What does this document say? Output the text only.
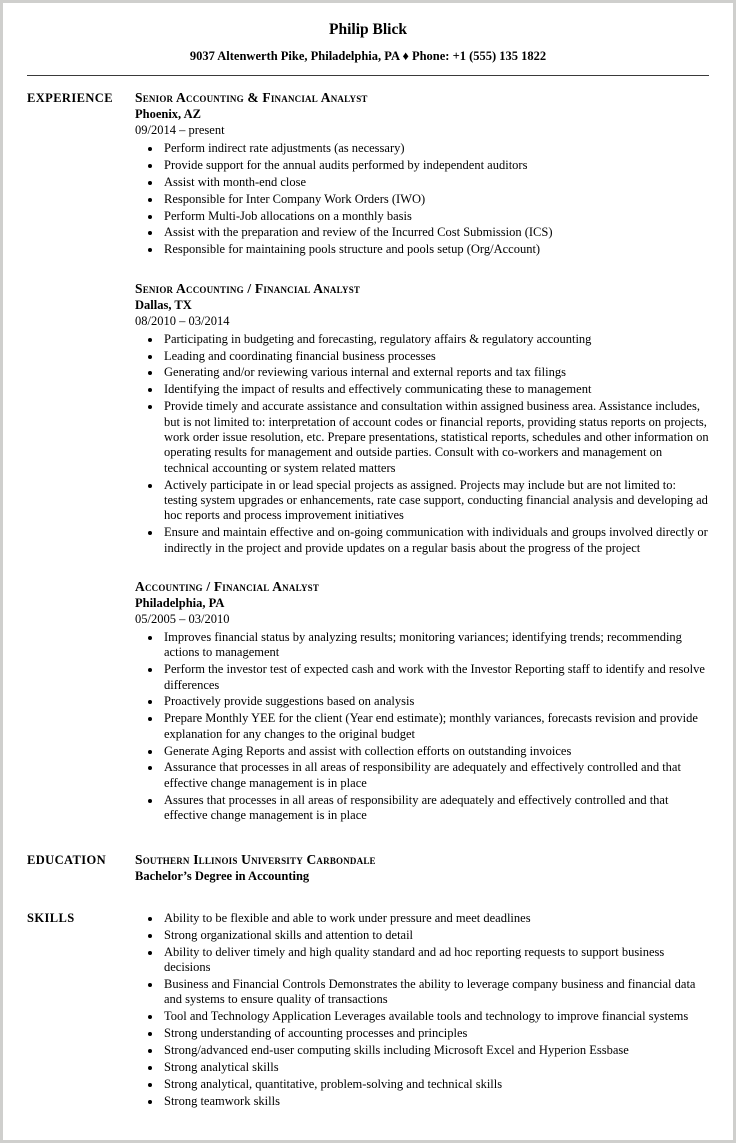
Philip Blick
9037 Altenwerth Pike, Philadelphia, PA ♦ Phone: +1 (555) 135 1822
EXPERIENCE	Senior Accounting & Financial Analyst
Phoenix, AZ
09/2014 – present
• Perform indirect rate adjustments (as necessary)
• Provide support for the annual audits performed by independent auditors
• Assist with month-end close
• Responsible for Inter Company Work Orders (IWO)
• Perform Multi-Job allocations on a monthly basis
• Assist with the preparation and review of the Incurred Cost Submission (ICS)
• Responsible for maintaining pools structure and pools setup (Org/Account)
Senior Accounting / Financial Analyst
Dallas, TX
08/2010 – 03/2014
• Participating in budgeting and forecasting, regulatory affairs & regulatory accounting
• Leading and coordinating financial business processes
• Generating and/or reviewing various internal and external reports and tax filings
• Identifying the impact of results and effectively communicating these to management
• Provide timely and accurate assistance and consultation within assigned business area. Assistance includes, but is not limited to: interpretation of account codes or financial reports, providing status reports on projects, work order issue resolution, etc. Prepare presentations, statistical reports, schedules and other information on operating results for management and outside parties. Consult with co-workers and management on technical accounting or system related matters
• Actively participate in or lead special projects as assigned. Projects may include but are not limited to: testing system upgrades or enhancements, rate case support, conducting financial analysis and developing ad hoc reports and process improvement initiatives
• Ensure and maintain effective and on-going communication with individuals and groups involved directly or indirectly in the project and provide updates on a regular basis about the progress of the project
Accounting / Financial Analyst
Philadelphia, PA
05/2005 – 03/2010
• Improves financial status by analyzing results; monitoring variances; identifying trends; recommending actions to management
• Perform the investor test of expected cash and work with the Investor Reporting staff to identify and resolve differences
• Proactively provide suggestions based on analysis
• Prepare Monthly YEE for the client (Year end estimate); monthly variances, forecasts revision and provide explanation for any changes to the original budget
• Generate Aging Reports and assist with collection efforts on outstanding invoices
• Assurance that processes in all areas of responsibility are adequately and effectively controlled and that effective change management is in place
• Assures that processes in all areas of responsibility are adequately and effectively controlled and that effective change management is in place
EDUCATION	Southern Illinois University Carbondale
Bachelor’s Degree in Accounting
SKILLS	• Ability to be flexible and able to work under pressure and meet deadlines
• Strong organizational skills and attention to detail
• Ability to deliver timely and high quality standard and ad hoc reporting requests to support business decisions
• Business and Financial Controls Demonstrates the ability to leverage company business and financial data and systems to ensure quality of transactions
• Tool and Technology Application Leverages available tools and technology to improve financial systems
• Strong understanding of accounting processes and principles
• Strong/advanced end-user computing skills including Microsoft Excel and Hyperion Essbase
• Strong analytical skills
• Strong analytical, quantitative, problem-solving and technical skills
• Strong teamwork skills
